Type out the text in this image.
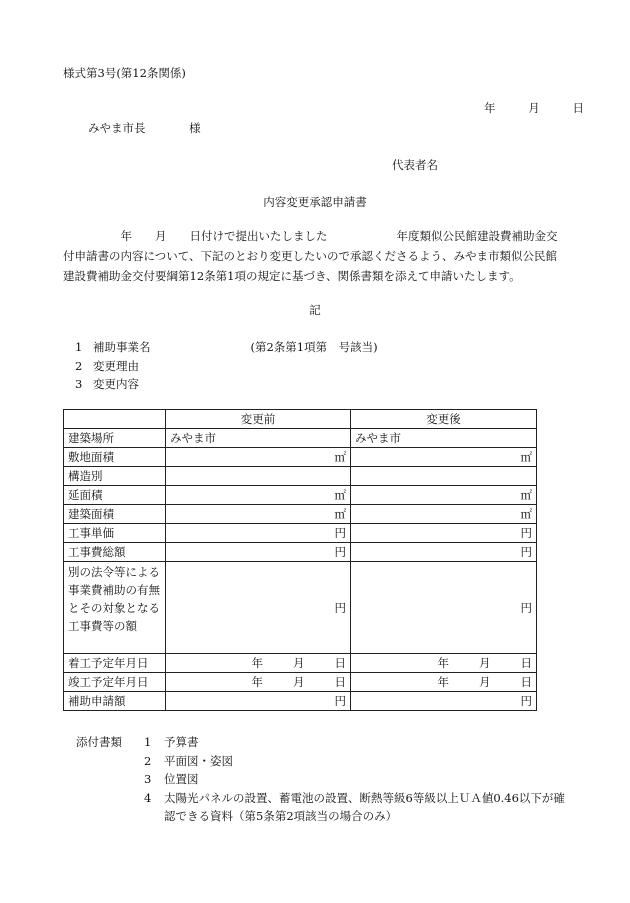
様式第3号(第12条関係)
年	月	日
みやま市長	様
代表者名
内容変更承認申請書
　　　　　年　　月　　日付けで提出いたしました　　　　　　年度類似公民館建設費補助金交
付申請書の内容について、下記のとおり変更したいので承認くださるよう、みやま市類似公民館
建設費補助金交付要綱第12条第1項の規定に基づき、関係書類を添えて申請いたします。
記
1 補助事業名	(第2条第1項第　号該当)
2 変更理由
3 変更内容
	変更前	変更後
建築場所	みやま市	みやま市
敷地面積	㎡	㎡
構造別		
延面積	㎡	㎡
建築面積	㎡	㎡
工事単価	円	円
工事費総額	円	円
別の法令等による事業費補助の有無とその対象となる工事費等の額	円	円
着工予定年月日	年 月 日	年 月 日

竣工予定年月日	年 月 日	年 月 日

補助申請額	円	円
添付書類	1	予算書
2	平面図・姿図
3	位置図
4	太陽光パネルの設置、蓄電池の設置、断熱等級6等級以上ＵＡ値0.46以下が確
認できる資料（第5条第2項該当の場合のみ）
